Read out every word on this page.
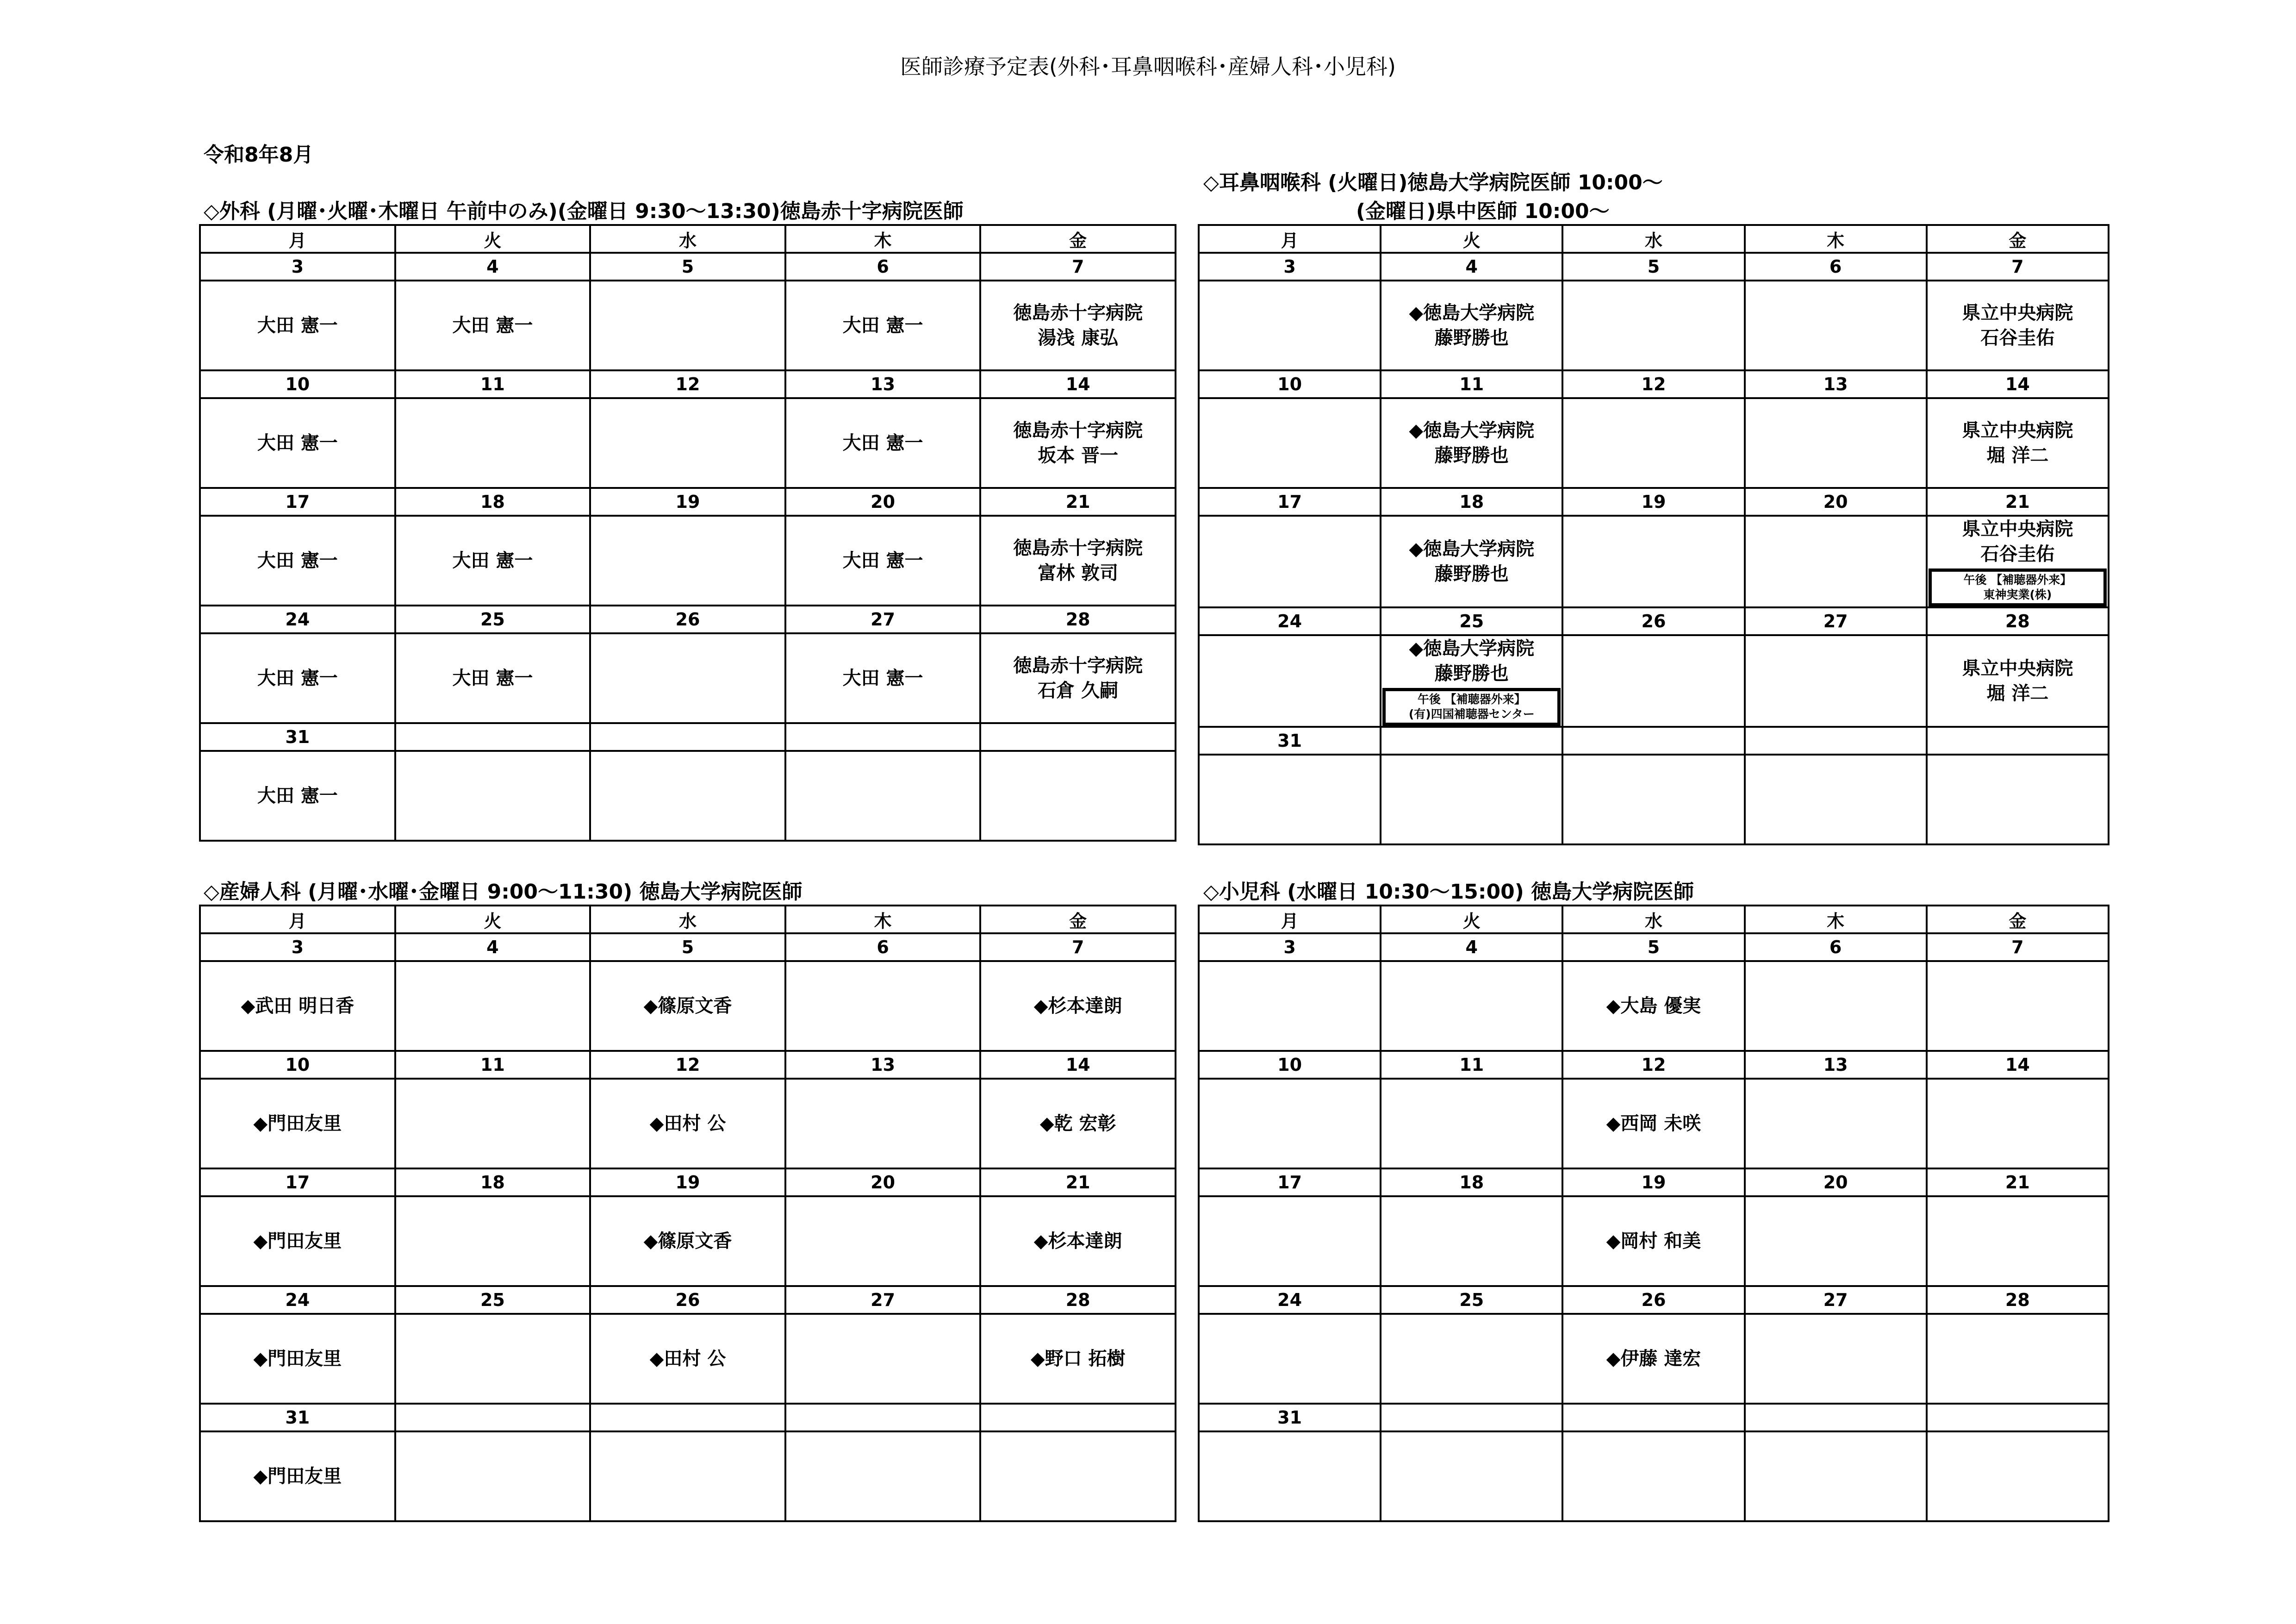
医師診療予定表(外科･耳鼻咽喉科･産婦人科･小児科)
令和8年8月
◇外科 (月曜･火曜･木曜日 午前中のみ)(金曜日 9:30～13:30)徳島赤十字病院医師
◇耳鼻咽喉科 (火曜日)徳島大学病院医師 10:00～
(金曜日)県中医師 10:00～
◇産婦人科 (月曜･水曜･金曜日 9:00～11:30) 徳島大学病院医師	◇小児科 (水曜日 10:30～15:00) 徳島大学病院医師
月	火	水	木	金
3	4	5	6	7

大田 憲一	大田 憲一		大田 憲一	徳島赤十字病院
湯浅 康弘

10	11	12	13	14

大田 憲一			大田 憲一	徳島赤十字病院
坂本 晋一

17	18	19	20	21

大田 憲一	大田 憲一		大田 憲一	徳島赤十字病院
富林 敦司

24	25	26	27	28

大田 憲一	大田 憲一		大田 憲一	徳島赤十字病院
石倉 久嗣

31				

大田 憲一				

月	火	水	木	金
3	4	5	6	7

	◆徳島大学病院
藤野勝也			県立中央病院
石谷圭佑

10	11	12	13	14

	◆徳島大学病院
藤野勝也			県立中央病院
堀 洋二

17	18	19	20	21

	◆徳島大学病院
藤野勝也			県立中央病院
石谷圭佑
午後 【補聴器外来】
東神実業(株)

24	25	26	27	28

	◆徳島大学病院
藤野勝也
午後 【補聴器外来】
(有)四国補聴器センター			県立中央病院
堀 洋二

31				

月	火	水	木	金
3	4	5	6	7

◆武田 明日香		◆篠原文香		◆杉本達朗

10	11	12	13	14

◆門田友里		◆田村 公		◆乾 宏彰

17	18	19	20	21

◆門田友里		◆篠原文香		◆杉本達朗

24	25	26	27	28

◆門田友里		◆田村 公		◆野口 拓樹

31				

◆門田友里				

月	火	水	木	金
3	4	5	6	7

		◆大島 優実		

10	11	12	13	14

		◆西岡 未咲		

17	18	19	20	21

		◆岡村 和美		

24	25	26	27	28

		◆伊藤 達宏		

31				
